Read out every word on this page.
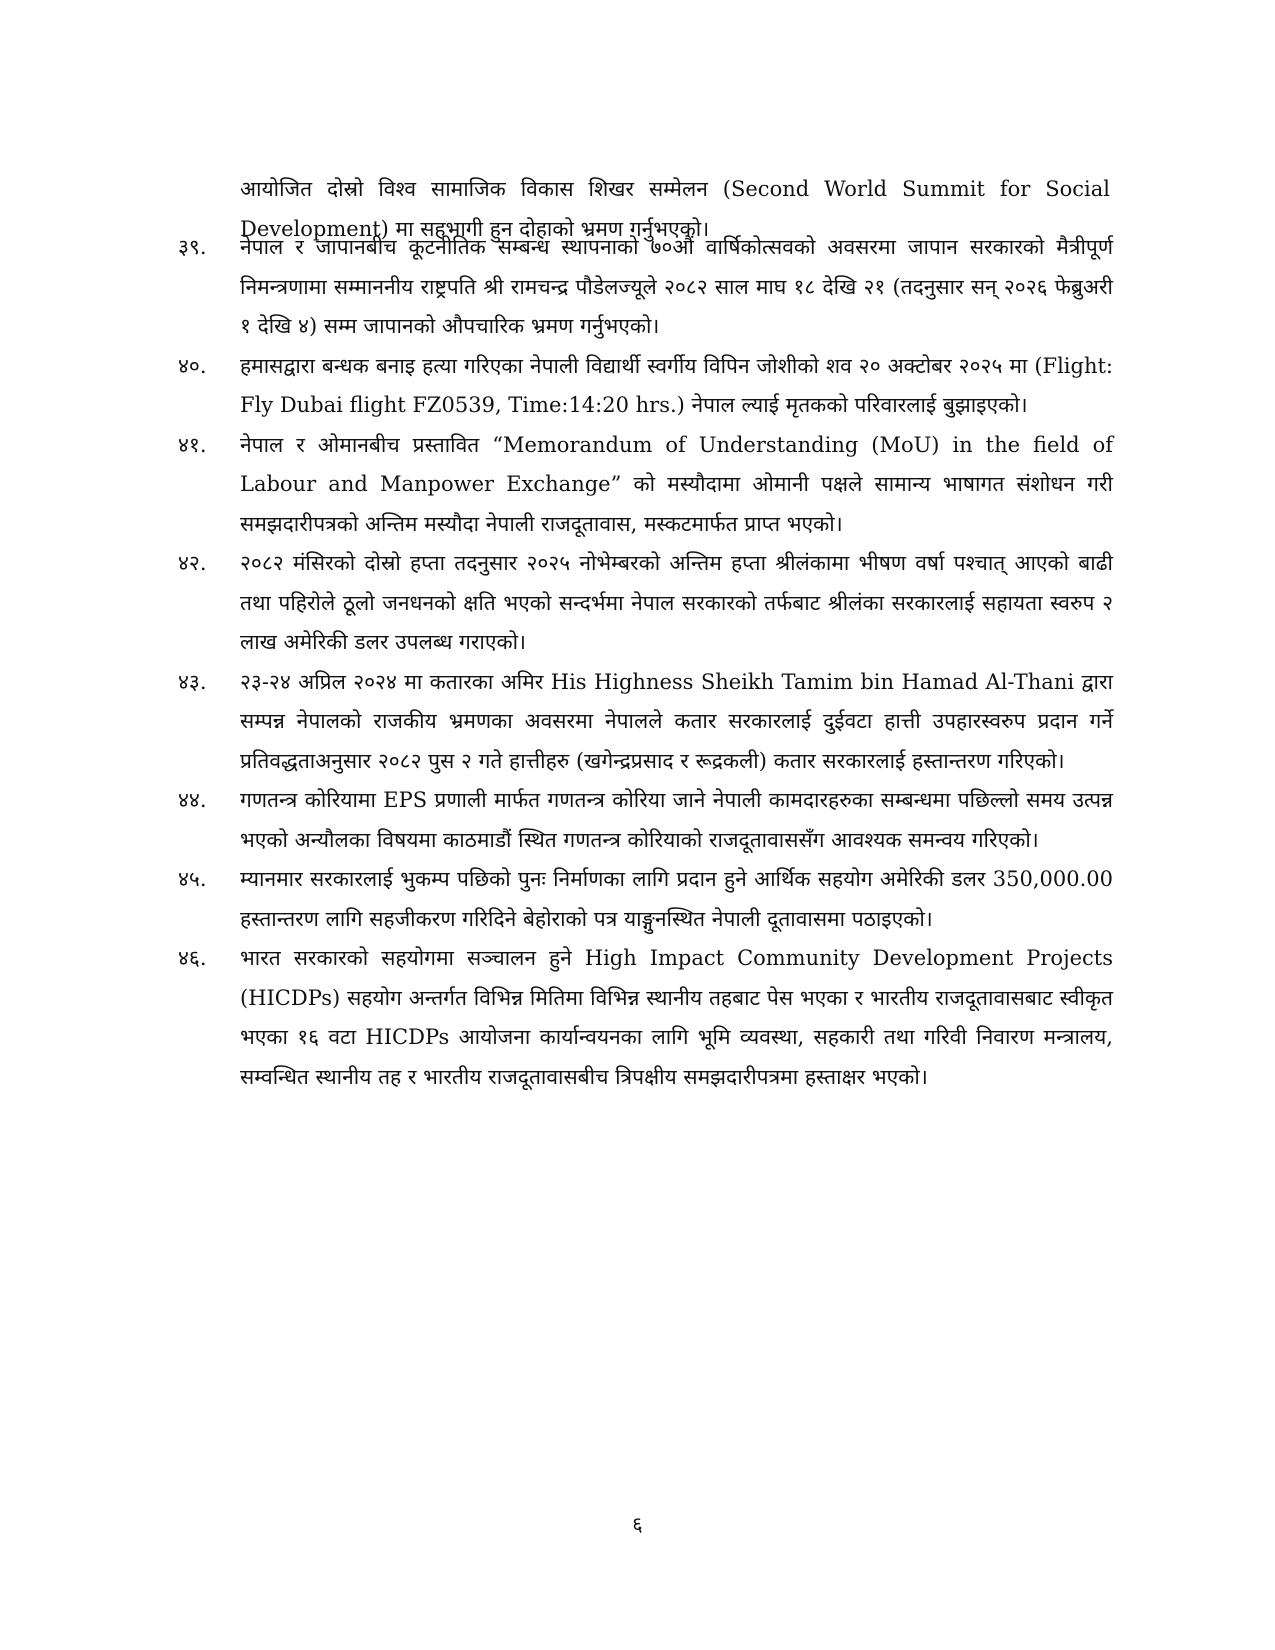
आयोजित दोस्रो विश्व सामाजिक विकास शिखर सम्मेलन (Second World Summit for Social Development) मा सहभागी हुन दोहाको भ्रमण गर्नुभएको।

३९.	नेपाल र जापानबीच कूटनीतिक सम्बन्ध स्थापनाको ७०औं वार्षिकोत्सवको अवसरमा जापान सरकारको मैत्रीपूर्ण निमन्त्रणामा सम्माननीय राष्ट्रपति श्री रामचन्द्र पौडेलज्यूले २०८२ साल माघ १८ देखि २१ (तदनुसार सन् २०२६ फेब्रुअरी १ देखि ४) सम्म जापानको औपचारिक भ्रमण गर्नुभएको।
४०.	हमासद्वारा बन्धक बनाइ हत्या गरिएका नेपाली विद्यार्थी स्वर्गीय विपिन जोशीको शव २० अक्टोबर २०२५ मा (Flight: Fly Dubai flight FZ0539, Time:14:20 hrs.) नेपाल ल्याई मृतकको परिवारलाई बुझाइएको।
४१.	नेपाल र ओमानबीच प्रस्तावित “Memorandum of Understanding (MoU) in the field of Labour and Manpower Exchange” को मस्यौदामा ओमानी पक्षले सामान्य भाषागत संशोधन गरी समझदारीपत्रको अन्तिम मस्यौदा नेपाली राजदूतावास, मस्कटमार्फत प्राप्त भएको।
४२.	२०८२ मंसिरको दोस्रो हप्ता तदनुसार २०२५ नोभेम्बरको अन्तिम हप्ता श्रीलंकामा भीषण वर्षा पश्चात् आएको बाढी तथा पहिरोले ठूलो जनधनको क्षति भएको सन्दर्भमा नेपाल सरकारको तर्फबाट श्रीलंका सरकारलाई सहायता स्वरुप २ लाख अमेरिकी डलर उपलब्ध गराएको।
४३.	२३-२४ अप्रिल २०२४ मा कतारका अमिर His Highness Sheikh Tamim bin Hamad Al-Thani द्वारा सम्पन्न नेपालको राजकीय भ्रमणका अवसरमा नेपालले कतार सरकारलाई दुईवटा हात्ती उपहारस्वरुप प्रदान गर्ने प्रतिवद्धताअनुसार २०८२ पुस २ गते हात्तीहरु (खगेन्द्रप्रसाद र रूद्रकली) कतार सरकारलाई हस्तान्तरण गरिएको।
४४.	गणतन्त्र कोरियामा EPS प्रणाली मार्फत गणतन्त्र कोरिया जाने नेपाली कामदारहरुका सम्बन्धमा पछिल्लो समय उत्पन्न भएको अन्यौलका विषयमा काठमाडौं स्थित गणतन्त्र कोरियाको राजदूतावाससँग आवश्यक समन्वय गरिएको।
४५.	म्यानमार सरकारलाई भुकम्प पछिको पुनः निर्माणका लागि प्रदान हुने आर्थिक सहयोग अमेरिकी डलर 350,000.00 हस्तान्तरण लागि सहजीकरण गरिदिने बेहोराको पत्र याङ्गुनस्थित नेपाली दूतावासमा पठाइएको।
४६.	भारत सरकारको सहयोगमा सञ्चालन हुने High Impact Community Development Projects (HICDPs) सहयोग अन्तर्गत विभिन्न मितिमा विभिन्न स्थानीय तहबाट पेस भएका र भारतीय राजदूतावासबाट स्वीकृत भएका १६ वटा HICDPs आयोजना कार्यान्वयनका लागि भूमि व्यवस्था, सहकारी तथा गरिवी निवारण मन्त्रालय, सम्वन्धित स्थानीय तह र भारतीय राजदूतावासबीच त्रिपक्षीय समझदारीपत्रमा हस्ताक्षर भएको।
६
